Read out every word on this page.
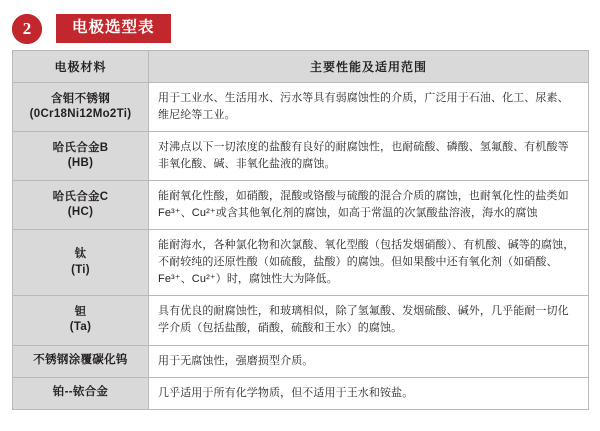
2	电极选型表
电极材料	主要性能及适用范围

含钼不锈钢
(0Cr18Ni12Mo2Ti)	用于工业水、生活用水、污水等具有弱腐蚀性的介质，广泛用于石油、化工、尿素、维尼纶等工业。

哈氏合金B
(HB)	对沸点以下一切浓度的盐酸有良好的耐腐蚀性，也耐硫酸、磷酸、氢氟酸、有机酸等非氧化酸、碱、非氧化盐液的腐蚀。

哈氏合金C
(HC)	能耐氧化性酸，如硝酸，混酸或铬酸与硫酸的混合介质的腐蚀，也耐氧化性的盐类如Fe³⁺、Cu²⁺或含其他氧化剂的腐蚀，如高于常温的次氯酸盐溶液，海水的腐蚀

钛
(Ti)	能耐海水，各种氯化物和次氯酸、氧化型酸（包括发烟硝酸）、有机酸、碱等的腐蚀，不耐较纯的还原性酸（如硫酸，盐酸）的腐蚀。但如果酸中还有氧化剂（如硝酸、Fe³⁺、Cu²⁺）时，腐蚀性大为降低。

钽
(Ta)	具有优良的耐腐蚀性，和玻璃相似，除了氢氟酸、发烟硫酸、碱外，几乎能耐一切化学介质（包括盐酸，硝酸，硫酸和王水）的腐蚀。
不锈钢涂覆碳化钨	用于无腐蚀性，强磨损型介质。
铂--铱合金	几乎适用于所有化学物质，但不适用于王水和铵盐。
